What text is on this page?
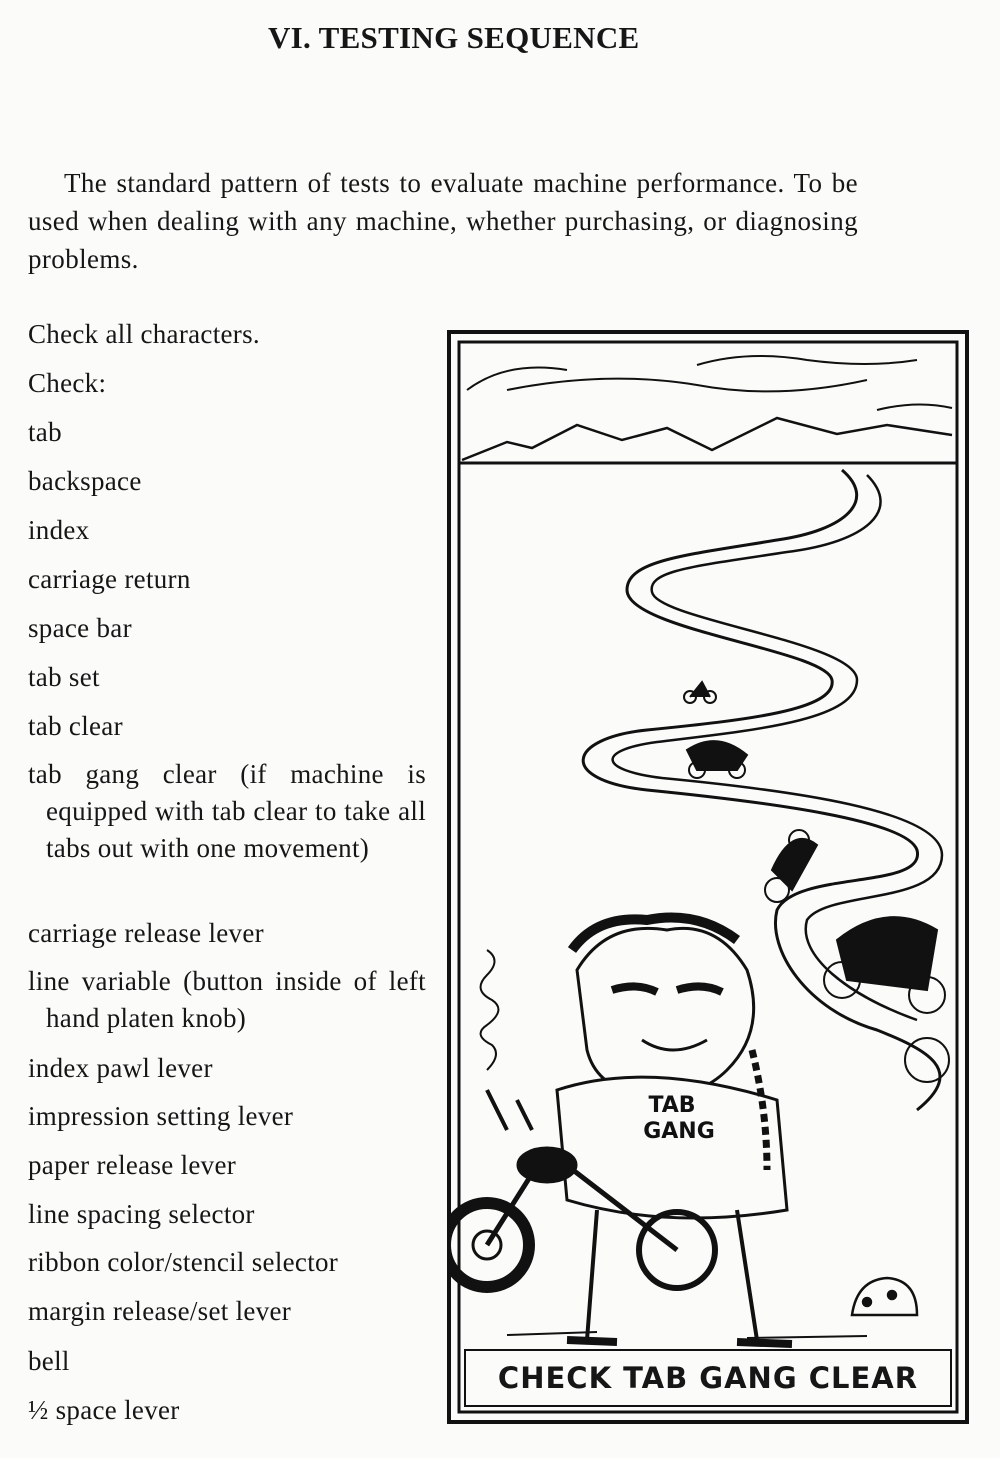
VI. TESTING SEQUENCE

The standard pattern of tests to evaluate machine performance. To be used when dealing with any machine, whether purchasing, or diagnosing problems.

Check all characters.
Check:
tab
backspace
index
carriage return
space bar
tab set
tab clear
tab gang clear (if machine is equipped with tab clear to take all tabs out with one movement)
carriage release lever
line variable (button inside of left hand platen knob)
index pawl lever
impression setting lever
paper release lever
line spacing selector
ribbon color/stencil selector
margin release/set lever
bell
½ space lever
TAB
GANG
CHECK TAB GANG CLEAR
